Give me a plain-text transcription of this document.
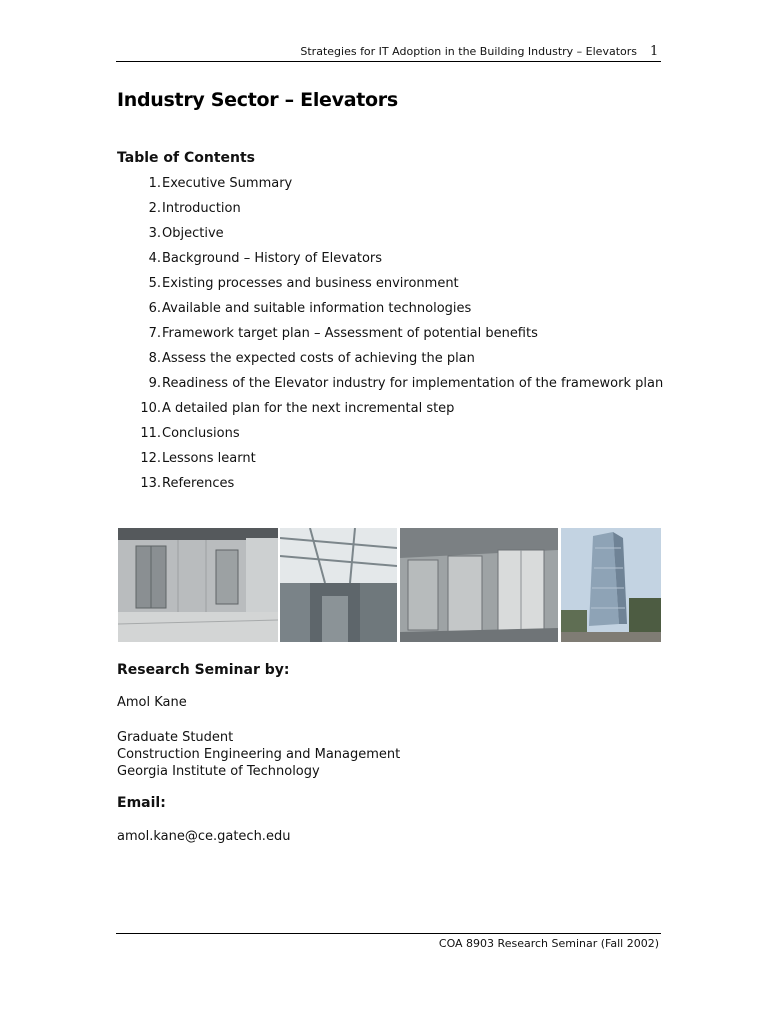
Strategies for IT Adoption in the Building Industry – Elevators 1
Industry Sector – Elevators
Table of Contents
1. Executive Summary
2. Introduction
3. Objective
4. Background – History of Elevators
5. Existing processes and business environment
6. Available and suitable information technologies
7. Framework target plan – Assessment of potential benefits
8. Assess the expected costs of achieving the plan
9. Readiness of the Elevator industry for implementation of the framework plan
10. A detailed plan for the next incremental step
11. Conclusions
12. Lessons learnt
13. References
Research Seminar by:
Amol Kane
Graduate Student
Construction Engineering and Management
Georgia Institute of Technology
Email:
amol.kane@ce.gatech.edu
COA 8903 Research Seminar (Fall 2002)
